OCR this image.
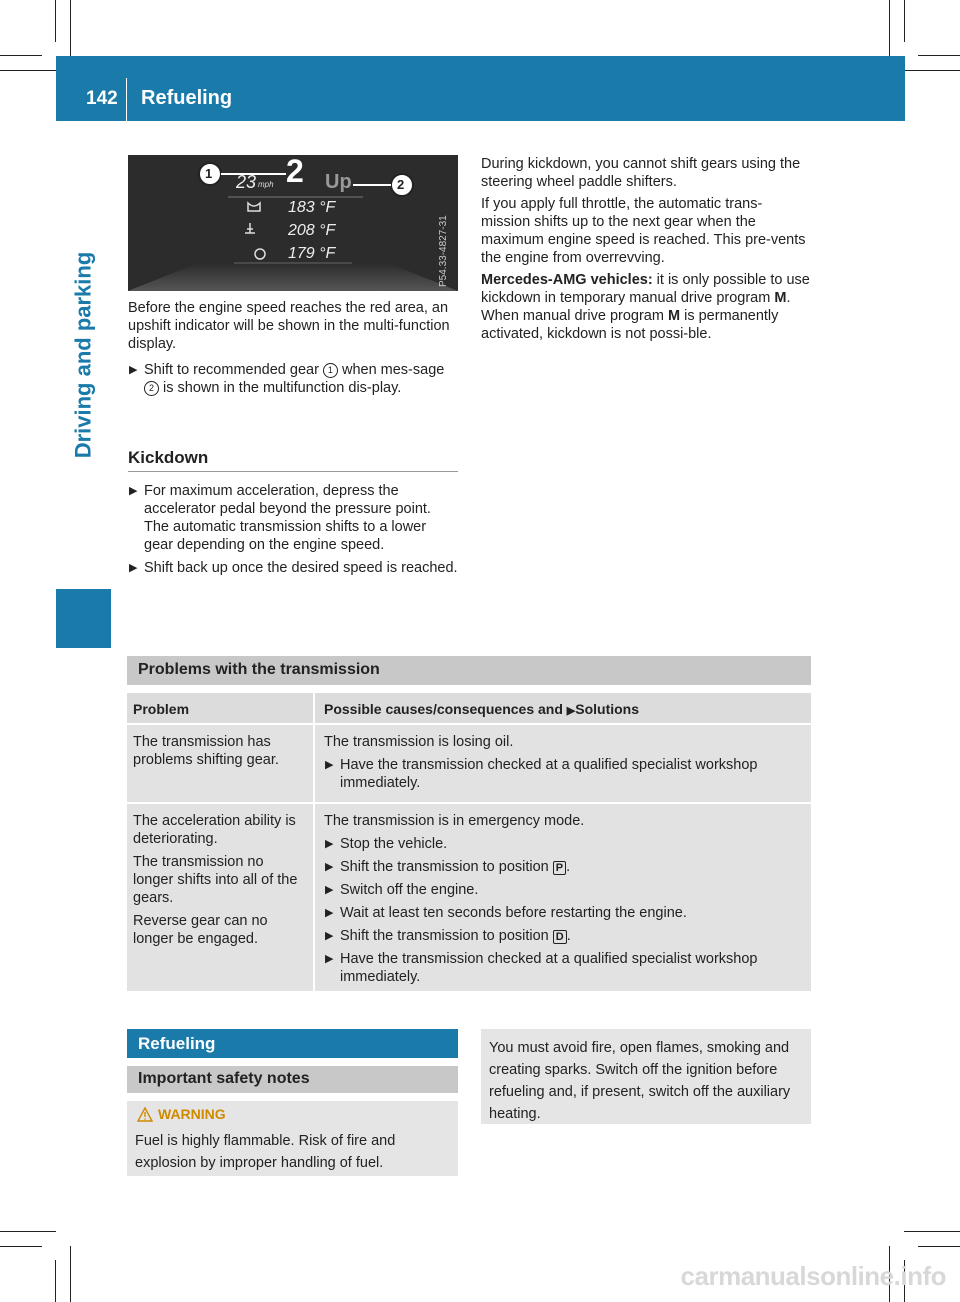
142 Refueling
Driving and parking
1
2
23 mph 2 Up
183 °F
208 °F
179 °F	P54.33-4827-31

Before the engine speed reaches the red area, an upshift indicator will be shown in the multi-function display.

▶ Shift to recommended gear 1 when mes-sage 2 is shown in the multifunction dis-play.
Kickdown
▶ For maximum acceleration, depress the accelerator pedal beyond the pressure point.
The automatic transmission shifts to a lower gear depending on the engine speed.
▶ Shift back up once the desired speed is reached.

During kickdown, you cannot shift gears using the steering wheel paddle shifters.

If you apply full throttle, the automatic trans-mission shifts up to the next gear when the maximum engine speed is reached. This pre-vents the engine from overrevving.

Mercedes-AMG vehicles: it is only possible to use kickdown in temporary manual drive program M. When manual drive program M is permanently activated, kickdown is not possi-ble.

Problems with the transmission
Problem	Possible causes/consequences and ▶Solutions

The transmission has problems shifting gear.

The transmission is losing oil.

▶ Have the transmission checked at a qualified specialist workshop immediately.

The acceleration ability is deteriorating.

The transmission no longer shifts into all of the gears.

Reverse gear can no longer be engaged.

The transmission is in emergency mode.

▶ Stop the vehicle.
▶ Shift the transmission to position P .
▶ Switch off the engine.
▶ Wait at least ten seconds before restarting the engine.
▶ Shift the transmission to position D .
▶ Have the transmission checked at a qualified specialist workshop immediately.
Refueling
Important safety notes
WARNING

Fuel is highly flammable. Risk of fire and explosion by improper handling of fuel.

You must avoid fire, open flames, smoking and creating sparks. Switch off the ignition before refueling and, if present, switch off the auxiliary heating.

carmanualsonline.info
